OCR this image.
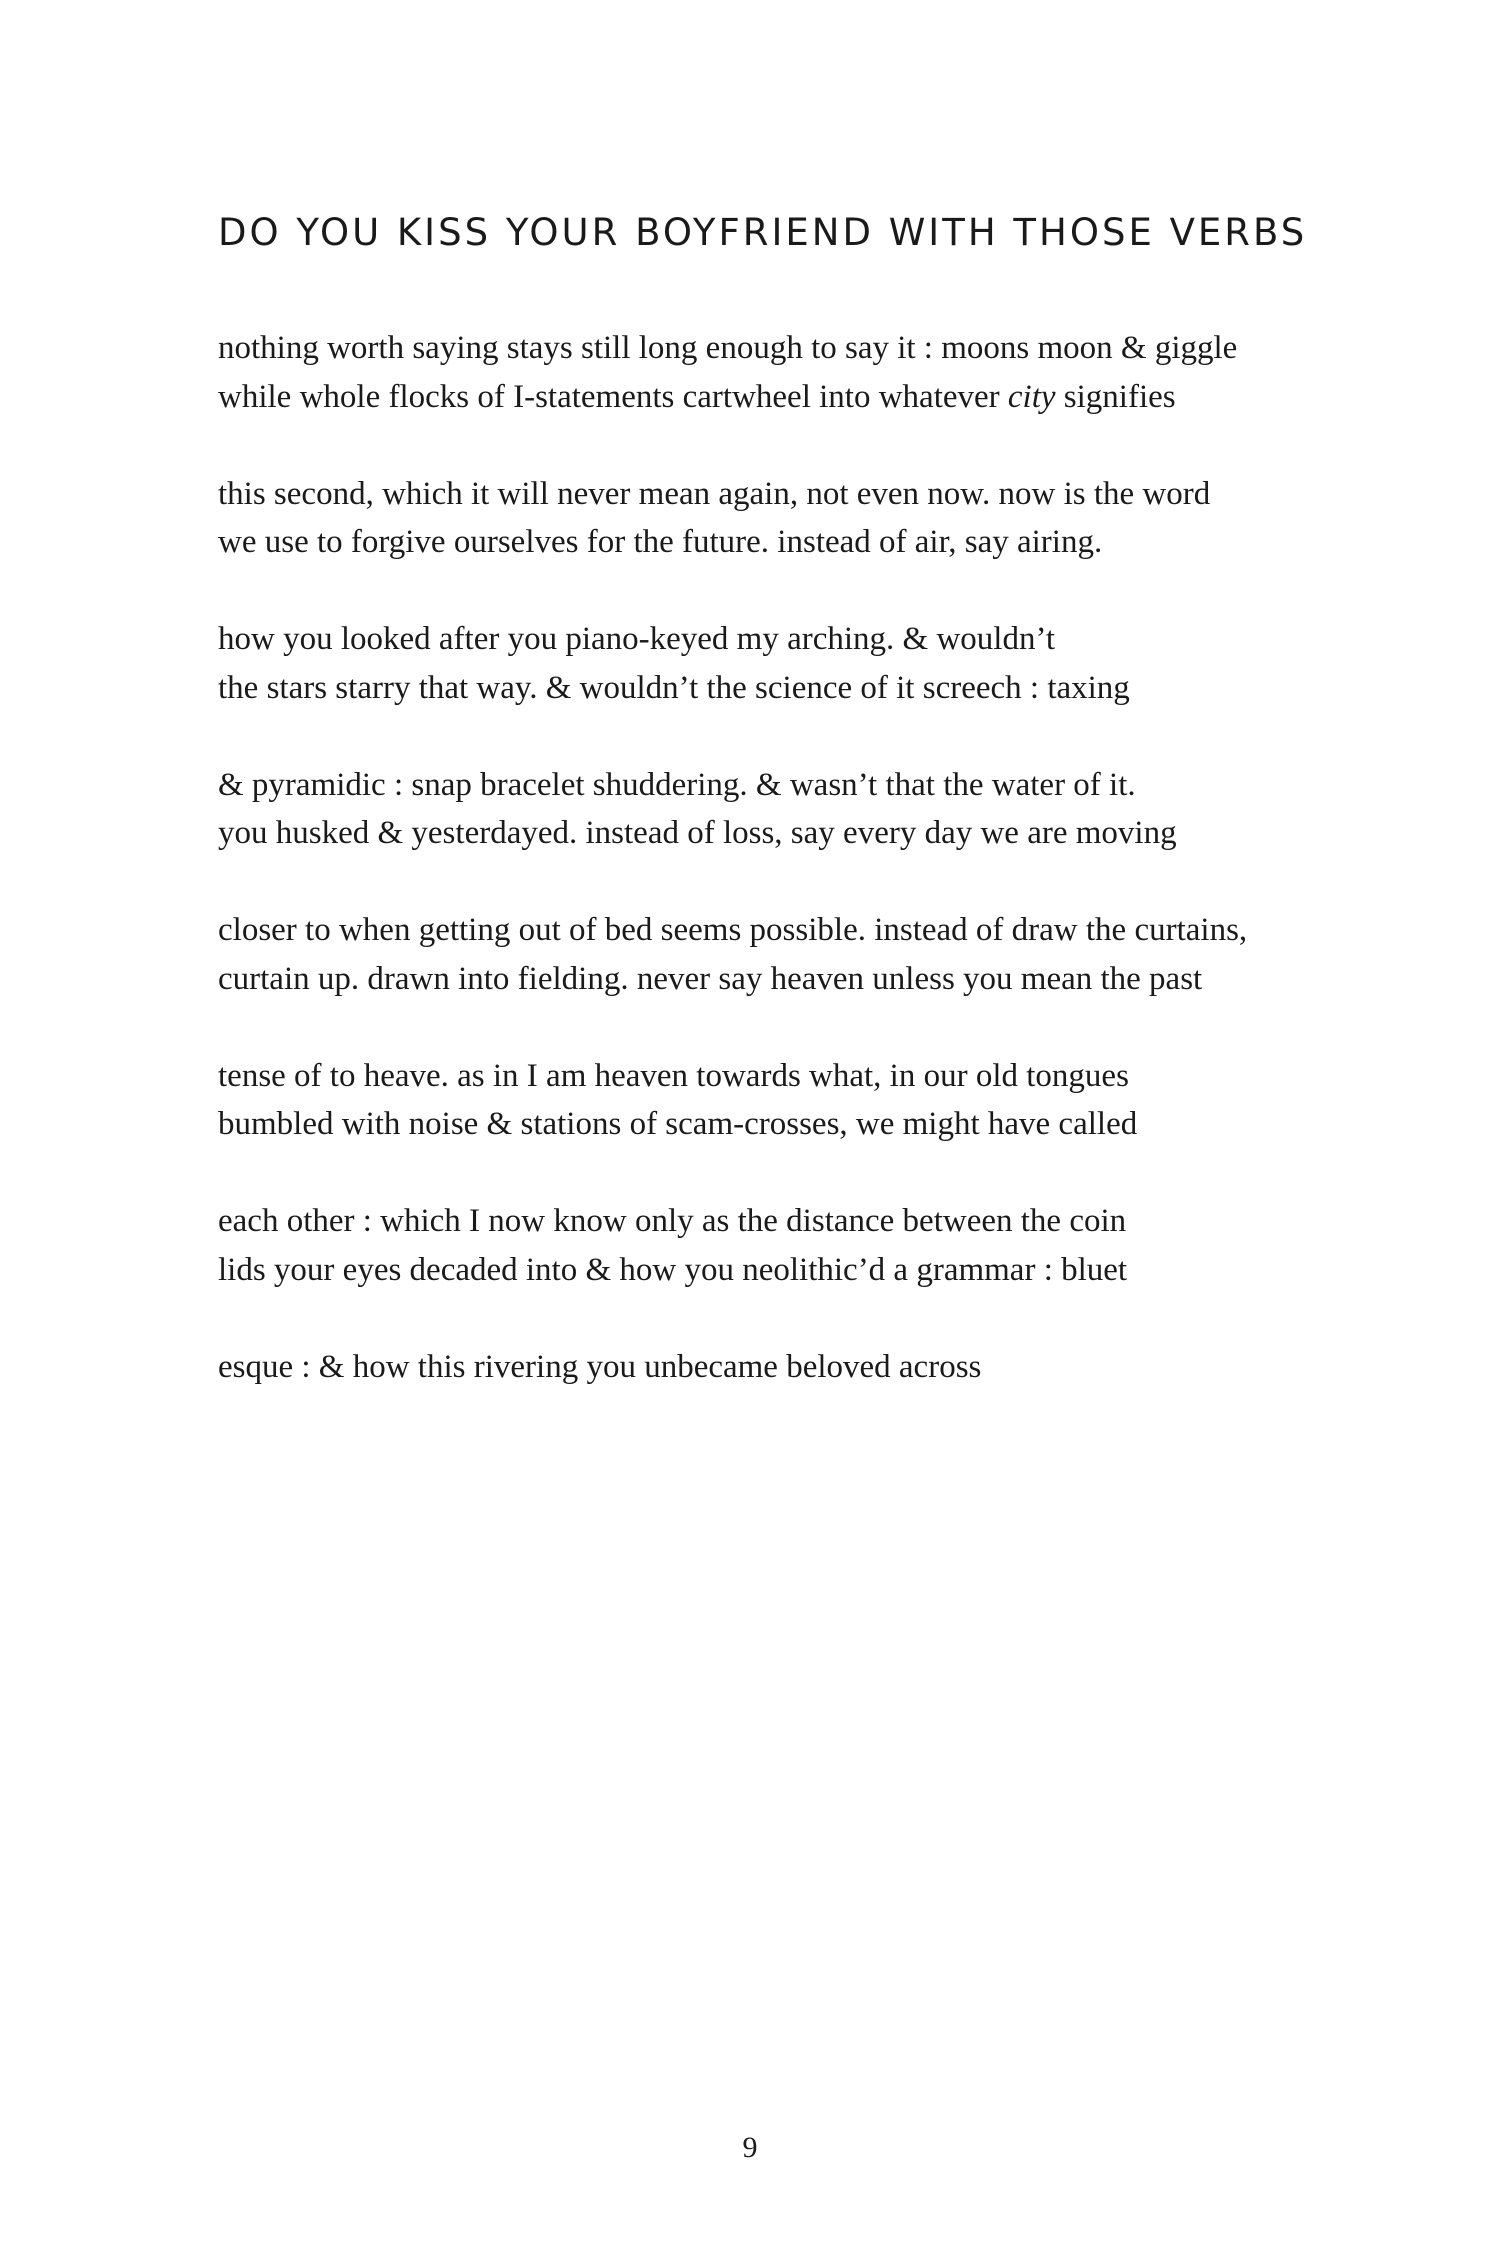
DO YOU KISS YOUR BOYFRIEND WITH THOSE VERBS

nothing worth saying stays still long enough to say it : moons moon & giggle
while whole flocks of I-statements cartwheel into whatever city signifies

this second, which it will never mean again, not even now. now is the word
we use to forgive ourselves for the future. instead of air, say airing.

how you looked after you piano-keyed my arching. & wouldn’t
the stars starry that way. & wouldn’t the science of it screech : taxing

& pyramidic : snap bracelet shuddering. & wasn’t that the water of it.
you husked & yesterdayed. instead of loss, say every day we are moving

closer to when getting out of bed seems possible. instead of draw the curtains,
curtain up. drawn into fielding. never say heaven unless you mean the past

tense of to heave. as in I am heaven towards what, in our old tongues
bumbled with noise & stations of scam-crosses, we might have called

each other : which I now know only as the distance between the coin
lids your eyes decaded into & how you neolithic’d a grammar : bluet

esque : & how this rivering you unbecame beloved across

9
